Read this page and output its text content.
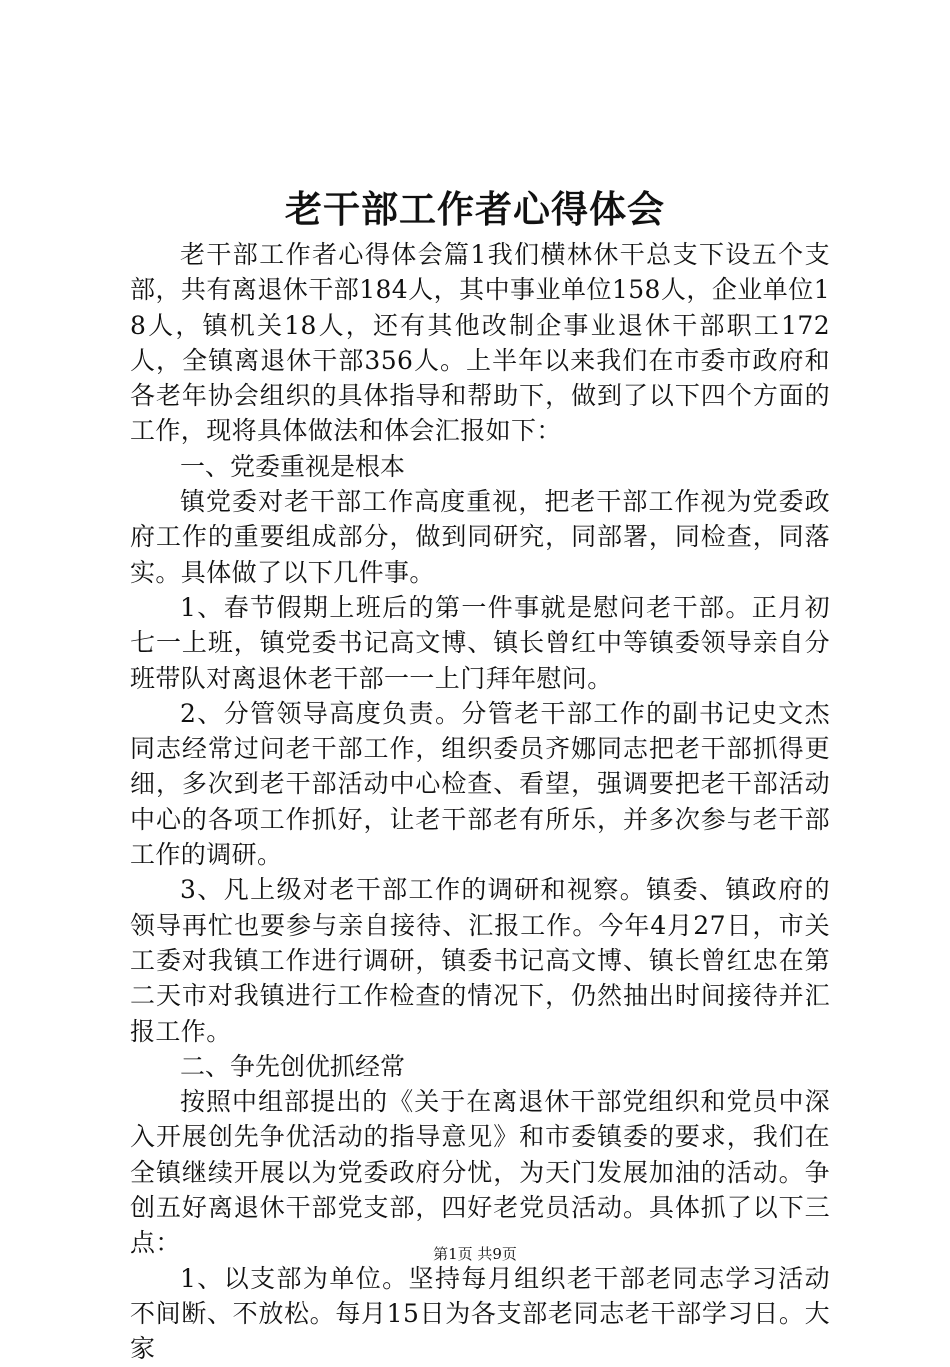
老干部工作者心得体会

老干部工作者心得体会篇1我们横林休干总支下设五个支部，共有离退休干部184人，其中事业单位158人，企业单位18人，镇机关18人，还有其他改制企事业退休干部职工172人，全镇离退休干部356人。上半年以来我们在市委市政府和各老年协会组织的具体指导和帮助下，做到了以下四个方面的工作，现将具体做法和体会汇报如下：

一、党委重视是根本

镇党委对老干部工作高度重视，把老干部工作视为党委政府工作的重要组成部分，做到同研究，同部署，同检查，同落实。具体做了以下几件事。

1、春节假期上班后的第一件事就是慰问老干部。正月初七一上班，镇党委书记高文博、镇长曾红中等镇委领导亲自分班带队对离退休老干部一一上门拜年慰问。

2、分管领导高度负责。分管老干部工作的副书记史文杰同志经常过问老干部工作，组织委员齐娜同志把老干部抓得更细，多次到老干部活动中心检查、看望，强调要把老干部活动中心的各项工作抓好，让老干部老有所乐，并多次参与老干部工作的调研。

3、凡上级对老干部工作的调研和视察。镇委、镇政府的领导再忙也要参与亲自接待、汇报工作。今年4月27日，市关工委对我镇工作进行调研，镇委书记高文博、镇长曾红忠在第二天市对我镇进行工作检查的情况下，仍然抽出时间接待并汇报工作。

二、争先创优抓经常

按照中组部提出的《关于在离退休干部党组织和党员中深入开展创先争优活动的指导意见》和市委镇委的要求，我们在全镇继续开展以为党委政府分忧，为天门发展加油的活动。争创五好离退休干部党支部，四好老党员活动。具体抓了以下三点：

1、以支部为单位。坚持每月组织老干部老同志学习活动不间断、不放松。每月15日为各支部老同志老干部学习日。大家

第1页 共9页
